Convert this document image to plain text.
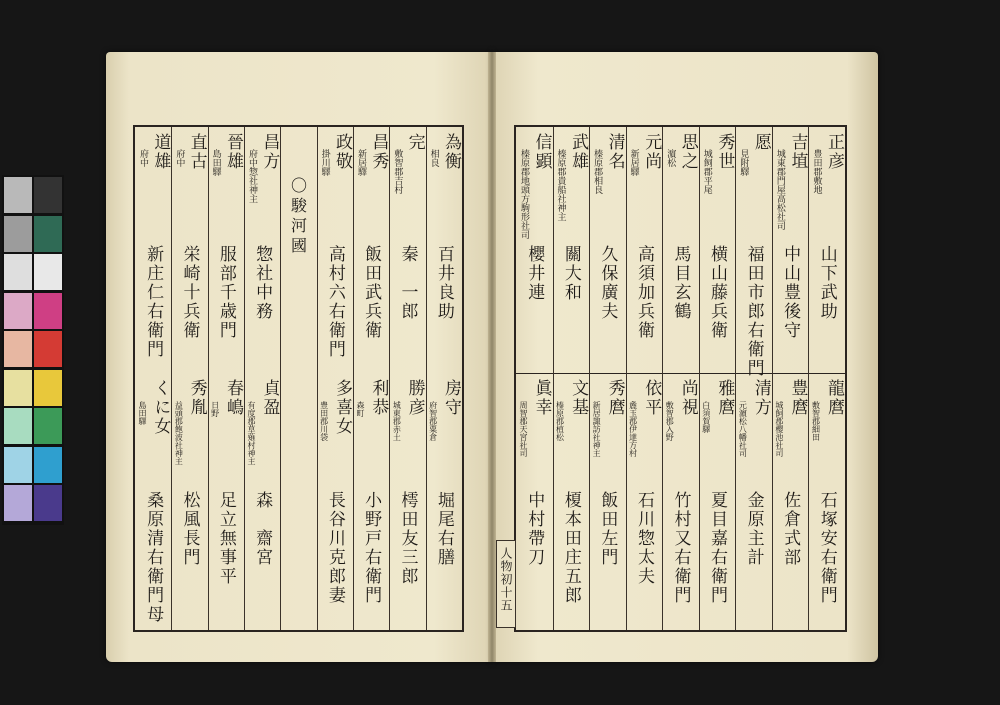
為衡
相良
百井良助
房守
府智郡粟倉
堀尾右膳
完
敷智郡吉村
秦　一郎
勝彦
城東郡赤土
樗田友三郎
昌秀
新居驛
飯田武兵衛
利恭
森町
小野戸右衛門
政敬
掛川驛
高村六右衛門
多喜女
豊田郡川袋
長谷川克郎妻
〇駿河國
昌方
府中惣社神主
惣社中務
貞盈
有度郡草薙村神主
森　齋宮
晉雄
島田驛
服部千歳門
春嶋
日野
足立無事平
直古
府中
栄崎十兵衛
秀胤
益頭郡飽波社神主
松風長門
道雄
府中
新庄仁右衛門
くに女
島田驛
桑原清右衛門母
正彦
豊田郡敷地
山下武助
龍麿
敷智郡細田
石塚安右衛門
吉埴
城東郡門屋高松社司
中山豊後守
豊麿
城飼郡櫻池社司
佐倉式部
愿
見附驛
福田市郎右衛門
清方
元濵松八幡社司
金原主計
秀世
城飼郡平尾
横山藤兵衛
雅麿
白須賀驛
夏目嘉右衛門
思之
濵松
馬目玄鶴
尚視
敷智郡入野
竹村又右衛門
元尚
新居驛
高須加兵衛
依平
麁玉郡伊達方村
石川惣太夫
清名
榛原郡相良
久保廣夫
秀麿
新居諏訪社神主
飯田左門
武雄
榛原郡貴船社神主
關大和
文基
榛原郡植松
榎本田庄五郎
信顕
榛原郡地頭方駒形社司
櫻井連
眞幸
周智郡天宮社司
中村帶刀
人物初十五
